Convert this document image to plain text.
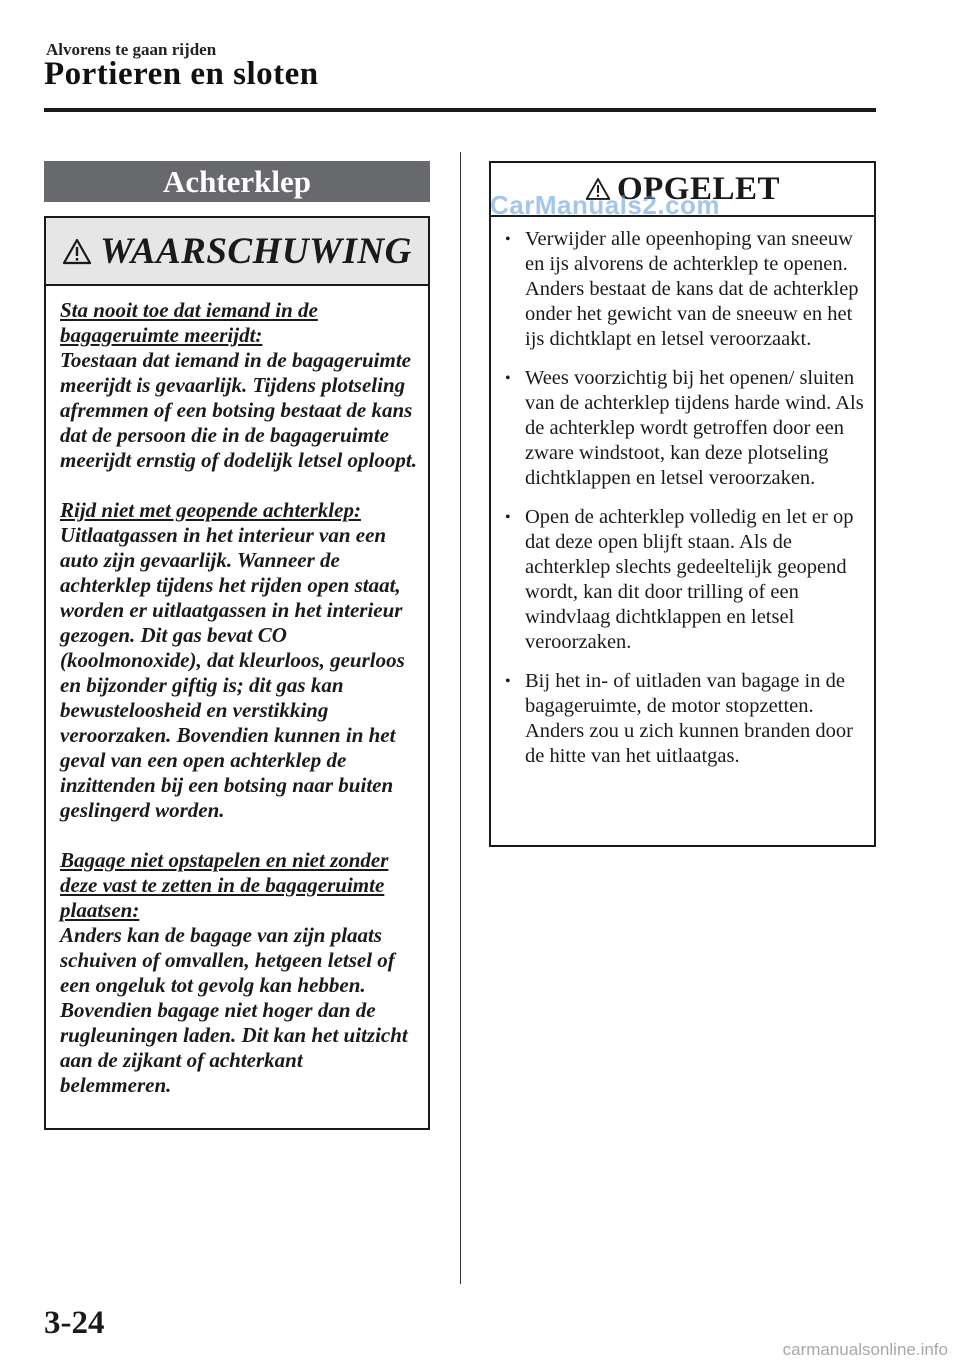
Alvorens te gaan rijden
Portieren en sloten
Achterklep
WAARSCHUWING
Sta nooit toe dat iemand in de bagageruimte meerijdt:
Toestaan dat iemand in de bagageruimte meerijdt is gevaarlijk. Tijdens plotseling afremmen of een botsing bestaat de kans dat de persoon die in de bagageruimte meerijdt ernstig of dodelijk letsel oploopt.
Rijd niet met geopende achterklep:
Uitlaatgassen in het interieur van een auto zijn gevaarlijk. Wanneer de achterklep tijdens het rijden open staat, worden er uitlaatgassen in het interieur gezogen. Dit gas bevat CO (koolmonoxide), dat kleurloos, geurloos en bijzonder giftig is; dit gas kan bewusteloosheid en verstikking veroorzaken. Bovendien kunnen in het geval van een open achterklep de inzittenden bij een botsing naar buiten geslingerd worden.
Bagage niet opstapelen en niet zonder deze vast te zetten in de bagageruimte plaatsen:
Anders kan de bagage van zijn plaats schuiven of omvallen, hetgeen letsel of een ongeluk tot gevolg kan hebben. Bovendien bagage niet hoger dan de rugleuningen laden. Dit kan het uitzicht aan de zijkant of achterkant belemmeren.
OPGELET
• Verwijder alle opeenhoping van sneeuw en ijs alvorens de achterklep te openen. Anders bestaat de kans dat de achterklep onder het gewicht van de sneeuw en het ijs dichtklapt en letsel veroorzaakt.
• Wees voorzichtig bij het openen/ sluiten van de achterklep tijdens harde wind. Als de achterklep wordt getroffen door een zware windstoot, kan deze plotseling dichtklappen en letsel veroorzaken.
• Open de achterklep volledig en let er op dat deze open blijft staan. Als de achterklep slechts gedeeltelijk geopend wordt, kan dit door trilling of een windvlaag dichtklappen en letsel veroorzaken.
• Bij het in- of uitladen van bagage in de bagageruimte, de motor stopzetten. Anders zou u zich kunnen branden door de hitte van het uitlaatgas.
CarManuals2.com
3-24
carmanualsonline.info
